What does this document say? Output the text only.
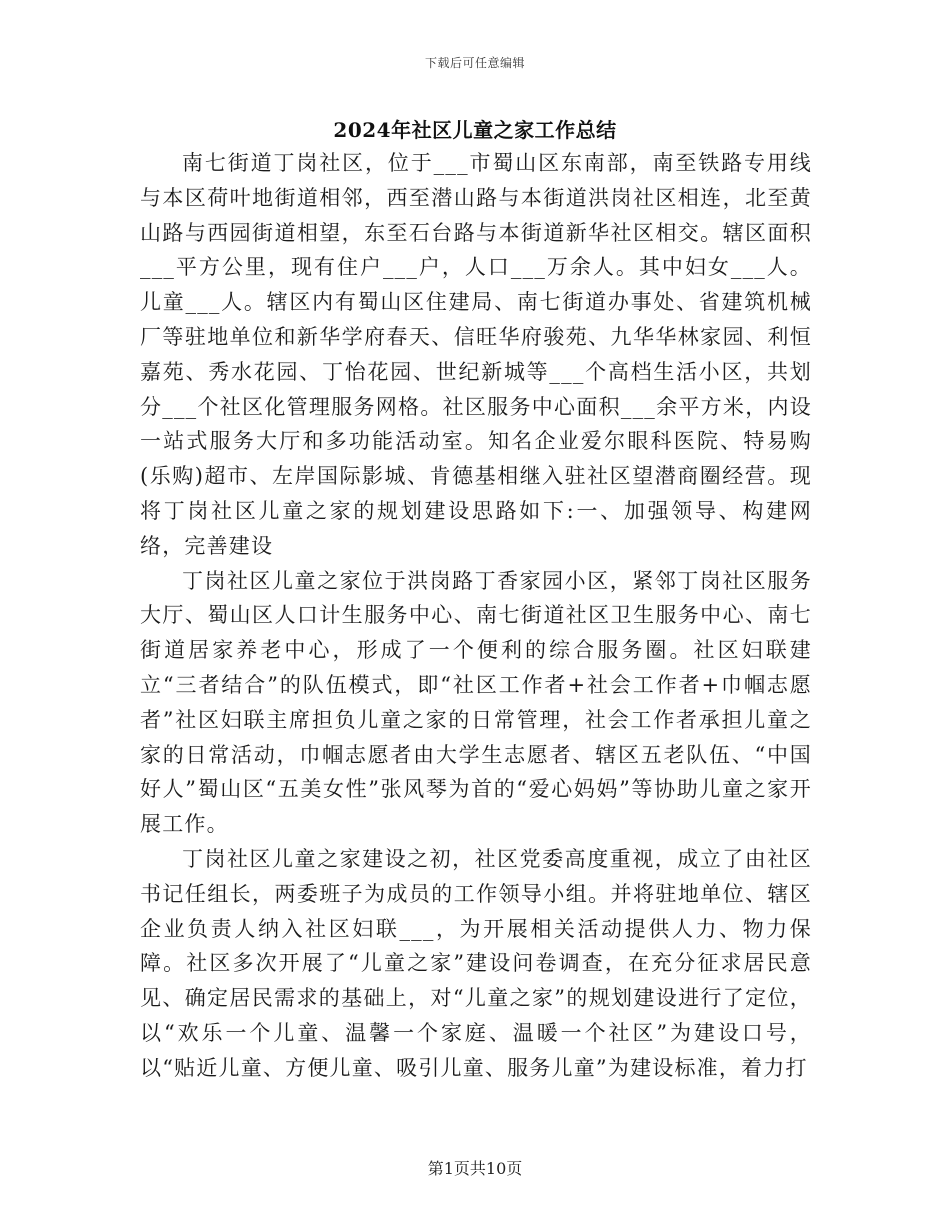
下载后可任意编辑
2024年社区儿童之家工作总结

南七街道丁岗社区，位于___市蜀山区东南部，南至铁路专用线与本区荷叶地街道相邻，西至潜山路与本街道洪岗社区相连，北至黄山路与西园街道相望，东至石台路与本街道新华社区相交。辖区面积___平方公里，现有住户___户，人口___万余人。其中妇女___人。儿童___人。辖区内有蜀山区住建局、南七街道办事处、省建筑机械厂等驻地单位和新华学府春天、信旺华府骏苑、九华华林家园、利恒嘉苑、秀水花园、丁怡花园、世纪新城等___个高档生活小区，共划分___个社区化管理服务网格。社区服务中心面积___余平方米，内设一站式服务大厅和多功能活动室。知名企业爱尔眼科医院、特易购(乐购)超市、左岸国际影城、肯德基相继入驻社区望潜商圈经营。现将丁岗社区儿童之家的规划建设思路如下:一、加强领导、构建网络，完善建设

丁岗社区儿童之家位于洪岗路丁香家园小区，紧邻丁岗社区服务大厅、蜀山区人口计生服务中心、南七街道社区卫生服务中心、南七街道居家养老中心，形成了一个便利的综合服务圈。社区妇联建立“三者结合”的队伍模式，即“社区工作者+社会工作者+巾帼志愿者”社区妇联主席担负儿童之家的日常管理，社会工作者承担儿童之家的日常活动，巾帼志愿者由大学生志愿者、辖区五老队伍、“中国好人”蜀山区“五美女性”张风琴为首的“爱心妈妈”等协助儿童之家开展工作。

丁岗社区儿童之家建设之初，社区党委高度重视，成立了由社区书记任组长，两委班子为成员的工作领导小组。并将驻地单位、辖区企业负责人纳入社区妇联___，为开展相关活动提供人力、物力保障。社区多次开展了“儿童之家”建设问卷调查，在充分征求居民意见、确定居民需求的基础上，对“儿童之家”的规划建设进行了定位，以“欢乐一个儿童、温馨一个家庭、温暖一个社区”为建设口号，以“贴近儿童、方便儿童、吸引儿童、服务儿童”为建设标准，着力打

第1页共10页
